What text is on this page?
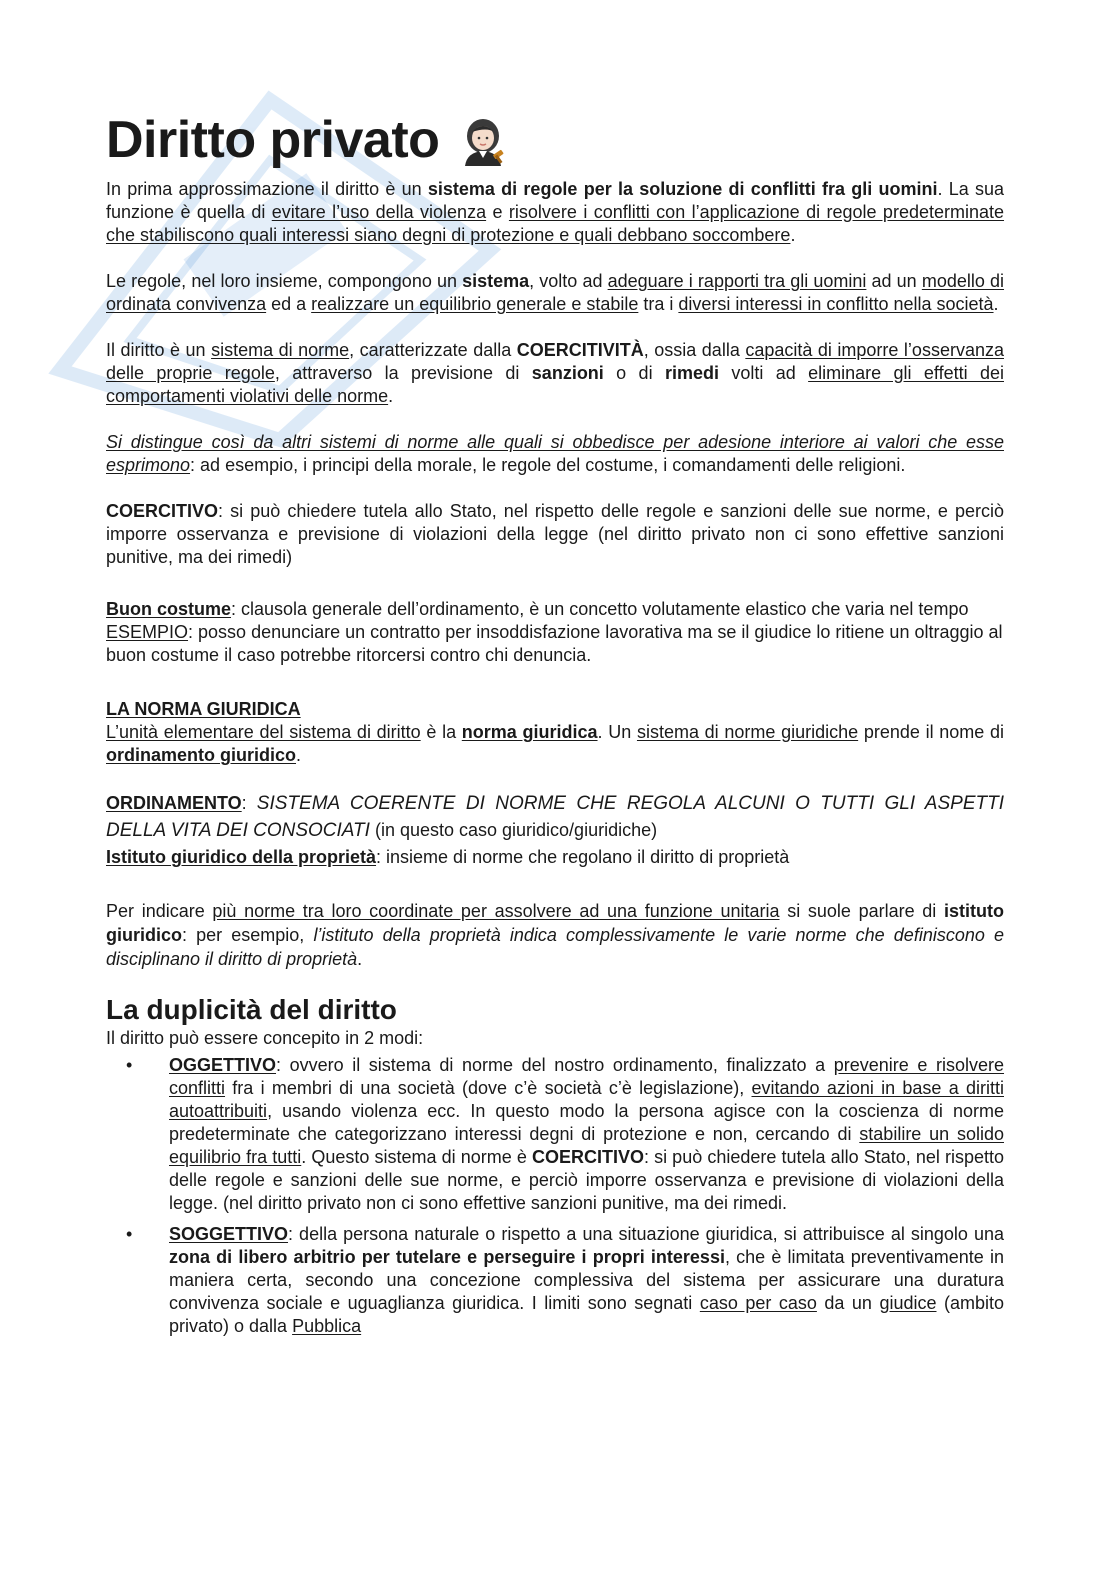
Diritto privato

In prima approssimazione il diritto è un sistema di regole per la soluzione di conflitti fra gli uomini. La sua funzione è quella di evitare l’uso della violenza e risolvere i conflitti con l’applicazione di regole predeterminate che stabiliscono quali interessi siano degni di protezione e quali debbano soccombere.

Le regole, nel loro insieme, compongono un sistema, volto ad adeguare i rapporti tra gli uomini ad un modello di ordinata convivenza ed a realizzare un equilibrio generale e stabile tra i diversi interessi in conflitto nella società.

Il diritto è un sistema di norme, caratterizzate dalla COERCITIVITÀ, ossia dalla capacità di imporre l’osservanza delle proprie regole, attraverso la previsione di sanzioni o di rimedi volti ad eliminare gli effetti dei comportamenti violativi delle norme.

Si distingue così da altri sistemi di norme alle quali si obbedisce per adesione interiore ai valori che esse esprimono: ad esempio, i principi della morale, le regole del costume, i comandamenti delle religioni.

COERCITIVO: si può chiedere tutela allo Stato, nel rispetto delle regole e sanzioni delle sue norme, e perciò imporre osservanza e previsione di violazioni della legge (nel diritto privato non ci sono effettive sanzioni punitive, ma dei rimedi)

Buon costume: clausola generale dell’ordinamento, è un concetto volutamente elastico che varia nel tempo
ESEMPIO: posso denunciare un contratto per insoddisfazione lavorativa ma se il giudice lo ritiene un oltraggio al buon costume il caso potrebbe ritorcersi contro chi denuncia.

LA NORMA GIURIDICA
L’unità elementare del sistema di diritto è la norma giuridica. Un sistema di norme giuridiche prende il nome di ordinamento giuridico.

ORDINAMENTO: SISTEMA COERENTE DI NORME CHE REGOLA ALCUNI O TUTTI GLI ASPETTI DELLA VITA DEI CONSOCIATI (in questo caso giuridico/giuridiche)
Istituto giuridico della proprietà: insieme di norme che regolano il diritto di proprietà

Per indicare più norme tra loro coordinate per assolvere ad una funzione unitaria si suole parlare di istituto giuridico: per esempio, l’istituto della proprietà indica complessivamente le varie norme che definiscono e disciplinano il diritto di proprietà.

La duplicità del diritto

Il diritto può essere concepito in 2 modi:

• OGGETTIVO: ovvero il sistema di norme del nostro ordinamento, finalizzato a prevenire e risolvere conflitti fra i membri di una società (dove c’è società c’è legislazione), evitando azioni in base a diritti autoattribuiti, usando violenza ecc. In questo modo la persona agisce con la coscienza di norme predeterminate che categorizzano interessi degni di protezione e non, cercando di stabilire un solido equilibrio fra tutti. Questo sistema di norme è COERCITIVO: si può chiedere tutela allo Stato, nel rispetto delle regole e sanzioni delle sue norme, e perciò imporre osservanza e previsione di violazioni della legge. (nel diritto privato non ci sono effettive sanzioni punitive, ma dei rimedi.
• SOGGETTIVO: della persona naturale o rispetto a una situazione giuridica, si attribuisce al singolo una zona di libero arbitrio per tutelare e perseguire i propri interessi, che è limitata preventivamente in maniera certa, secondo una concezione complessiva del sistema per assicurare una duratura convivenza sociale e uguaglianza giuridica. I limiti sono segnati caso per caso da un giudice (ambito privato) o dalla Pubblica
